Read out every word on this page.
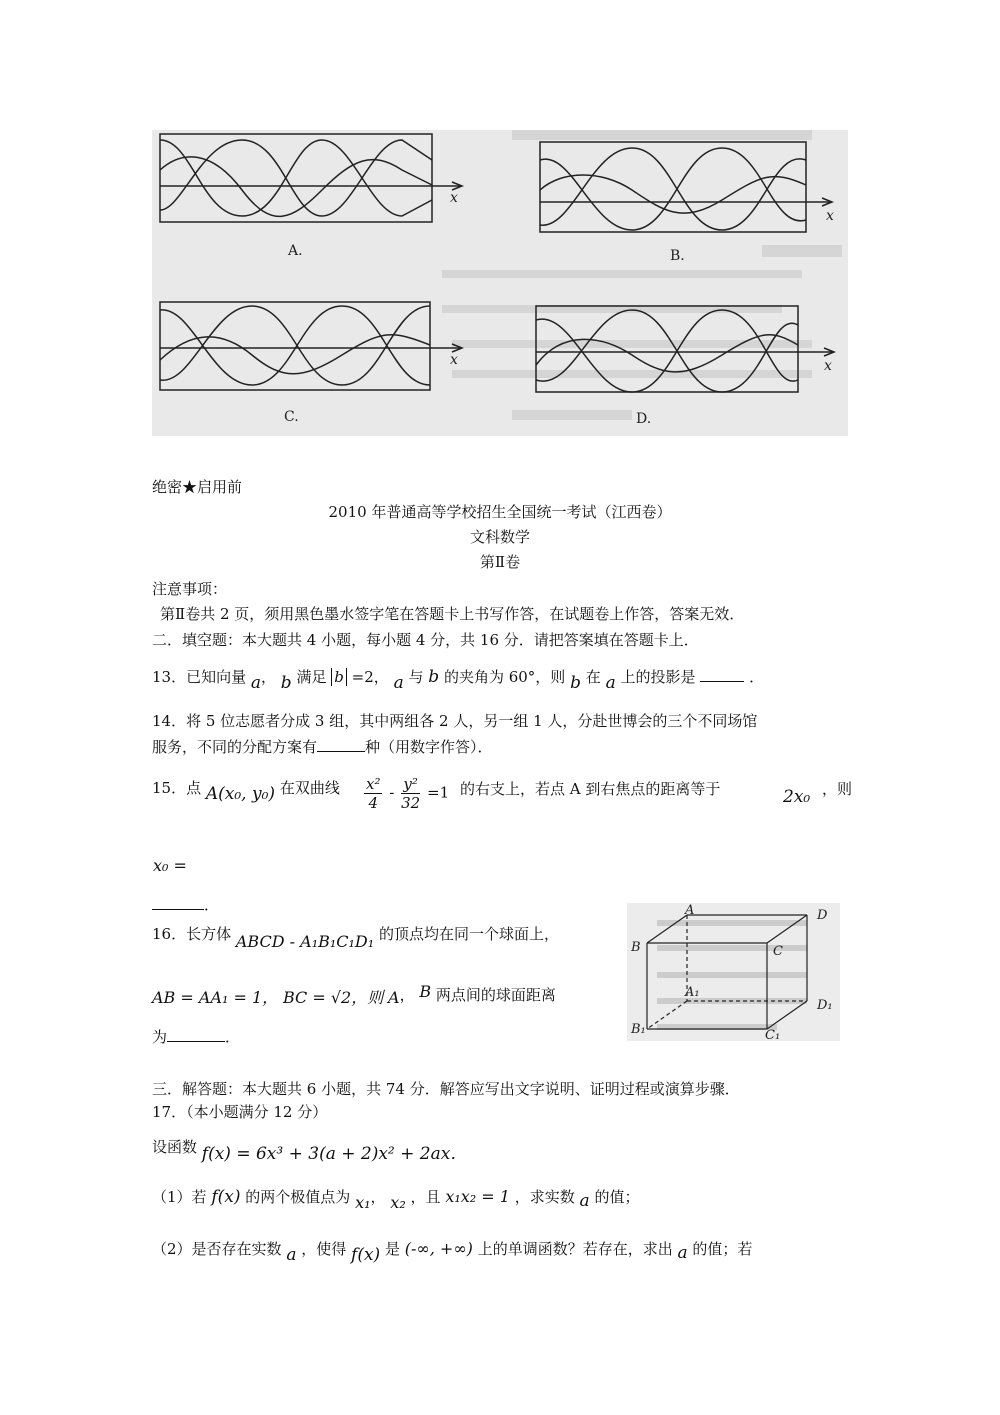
A.	B.
C.	D.
x
x
x	x
绝密★启用前
2010 年普通高等学校招生全国统一考试（江西卷）
文科数学
第Ⅱ卷
注意事项：
第Ⅱ卷共 2 页，须用黑色墨水签字笔在答题卡上书写作答，在试题卷上作答，答案无效．
二．填空题：本大题共 4 小题，每小题 4 分，共 16 分．请把答案填在答题卡上．
13．已知向量 a， b 满足 b =2， a 与 b 的夹角为 60°，则 b 在 a 上的投影是	．
14．将 5 位志愿者分成 3 组，其中两组各 2 人，另一组 1 人，分赴世博会的三个不同场馆
服务，不同的分配方案有	种（用数字作答）．
15．点 A(x₀, y₀) 在双曲线 $\frac{\text{x²}}{4} - \frac{\text{y²}}{32} =1$ 的右支上，若点 A 到右焦点的距离等于	2x₀ ，则
x₀ =
．
16．长方体 ABCD - A₁B₁C₁D₁ 的顶点均在同一个球面上，
AB = AA₁ = 1， BC = √2，则 A， B 两点间的球面距离
为	．
A	D
B	C
A₁
D₁
B₁	C₁
三．解答题：本大题共 6 小题，共 74 分．解答应写出文字说明、证明过程或演算步骤．
17．（本小题满分 12 分）
设函数 f(x) = 6x³ + 3(a + 2)x² + 2ax．
（1）若 f(x) 的两个极值点为 x₁， x₂ ，且 x₁x₂ = 1 ，求实数 a 的值；
（2）是否存在实数 a ，使得 f(x) 是 (-∞, +∞) 上的单调函数？若存在，求出 a 的值；若
